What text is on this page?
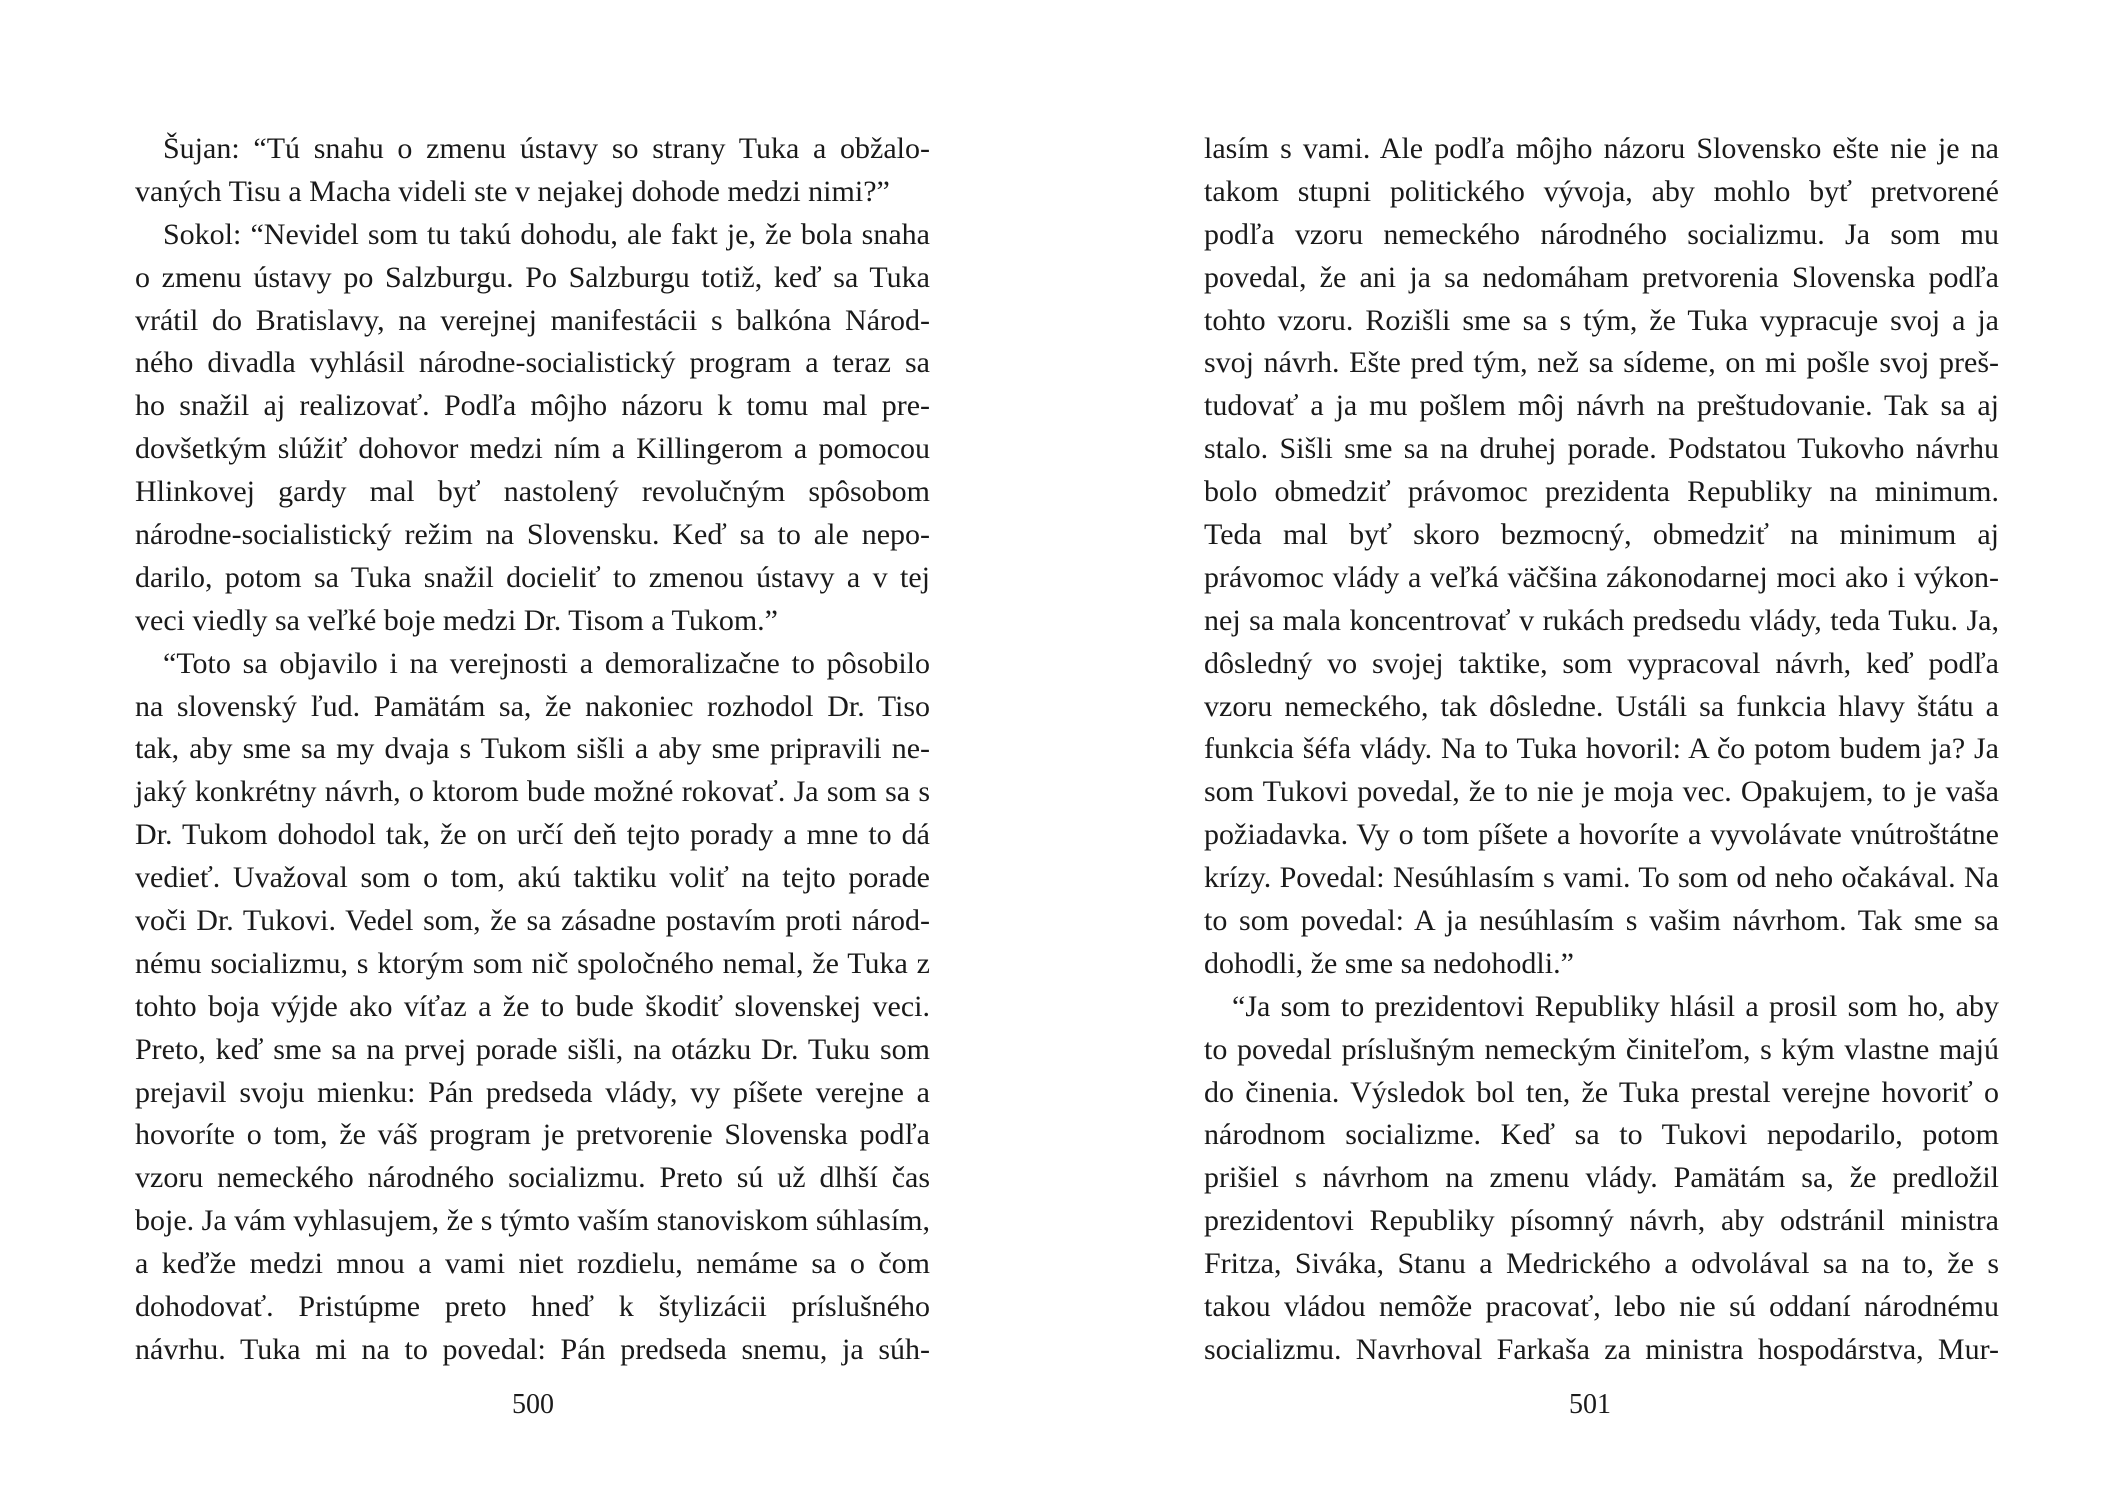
Šujan: “Tú snahu o zmenu ústavy so strany Tuka a obžalo-
vaných Tisu a Macha videli ste v nejakej dohode medzi nimi?”
Sokol: “Nevidel som tu takú dohodu, ale fakt je, že bola snaha
o zmenu ústavy po Salzburgu. Po Salzburgu totiž, keď sa Tuka
vrátil do Bratislavy, na verejnej manifestácii s balkóna Národ-
ného divadla vyhlásil národne-socialistický program a teraz sa
ho snažil aj realizovať. Podľa môjho názoru k tomu mal pre-
dovšetkým slúžiť dohovor medzi ním a Killingerom a pomocou
Hlinkovej gardy mal byť nastolený revolučným spôsobom
národne-socialistický režim na Slovensku. Keď sa to ale nepo-
darilo, potom sa Tuka snažil docieliť to zmenou ústavy a v tej
veci viedly sa veľké boje medzi Dr. Tisom a Tukom.”
“Toto sa objavilo i na verejnosti a demoralizačne to pôsobilo
na slovenský ľud. Pamätám sa, že nakoniec rozhodol Dr. Tiso
tak, aby sme sa my dvaja s Tukom sišli a aby sme pripravili ne-
jaký konkrétny návrh, o ktorom bude možné rokovať. Ja som sa s
Dr. Tukom dohodol tak, že on určí deň tejto porady a mne to dá
vedieť. Uvažoval som o tom, akú taktiku voliť na tejto porade
voči Dr. Tukovi. Vedel som, že sa zásadne postavím proti národ-
nému socializmu, s ktorým som nič spoločného nemal, že Tuka z
tohto boja výjde ako víťaz a že to bude škodiť slovenskej veci.
Preto, keď sme sa na prvej porade sišli, na otázku Dr. Tuku som
prejavil svoju mienku: Pán predseda vlády, vy píšete verejne a
hovoríte o tom, že váš program je pretvorenie Slovenska podľa
vzoru nemeckého národného socializmu. Preto sú už dlhší čas
boje. Ja vám vyhlasujem, že s týmto vaším stanoviskom súhlasím,
a keďže medzi mnou a vami niet rozdielu, nemáme sa o čom
dohodovať. Pristúpme preto hneď k štylizácii príslušného
návrhu. Tuka mi na to povedal: Pán predseda snemu, ja súh-
500
lasím s vami. Ale podľa môjho názoru Slovensko ešte nie je na
takom stupni politického vývoja, aby mohlo byť pretvorené
podľa vzoru nemeckého národného socializmu. Ja som mu
povedal, že ani ja sa nedomáham pretvorenia Slovenska podľa
tohto vzoru. Rozišli sme sa s tým, že Tuka vypracuje svoj a ja
svoj návrh. Ešte pred tým, než sa sídeme, on mi pošle svoj preš-
tudovať a ja mu pošlem môj návrh na preštudovanie. Tak sa aj
stalo. Sišli sme sa na druhej porade. Podstatou Tukovho návrhu
bolo obmedziť právomoc prezidenta Republiky na minimum.
Teda mal byť skoro bezmocný, obmedziť na minimum aj
právomoc vlády a veľká väčšina zákonodarnej moci ako i výkon-
nej sa mala koncentrovať v rukách predsedu vlády, teda Tuku. Ja,
dôsledný vo svojej taktike, som vypracoval návrh, keď podľa
vzoru nemeckého, tak dôsledne. Ustáli sa funkcia hlavy štátu a
funkcia šéfa vlády. Na to Tuka hovoril: A čo potom budem ja? Ja
som Tukovi povedal, že to nie je moja vec. Opakujem, to je vaša
požiadavka. Vy o tom píšete a hovoríte a vyvolávate vnútroštátne
krízy. Povedal: Nesúhlasím s vami. To som od neho očakával. Na
to som povedal: A ja nesúhlasím s vašim návrhom. Tak sme sa
dohodli, že sme sa nedohodli.”
“Ja som to prezidentovi Republiky hlásil a prosil som ho, aby
to povedal príslušným nemeckým činiteľom, s kým vlastne majú
do činenia. Výsledok bol ten, že Tuka prestal verejne hovoriť o
národnom socializme. Keď sa to Tukovi nepodarilo, potom
prišiel s návrhom na zmenu vlády. Pamätám sa, že predložil
prezidentovi Republiky písomný návrh, aby odstránil ministra
Fritza, Siváka, Stanu a Medrického a odvolával sa na to, že s
takou vládou nemôže pracovať, lebo nie sú oddaní národnému
socializmu. Navrhoval Farkaša za ministra hospodárstva, Mur-
501
